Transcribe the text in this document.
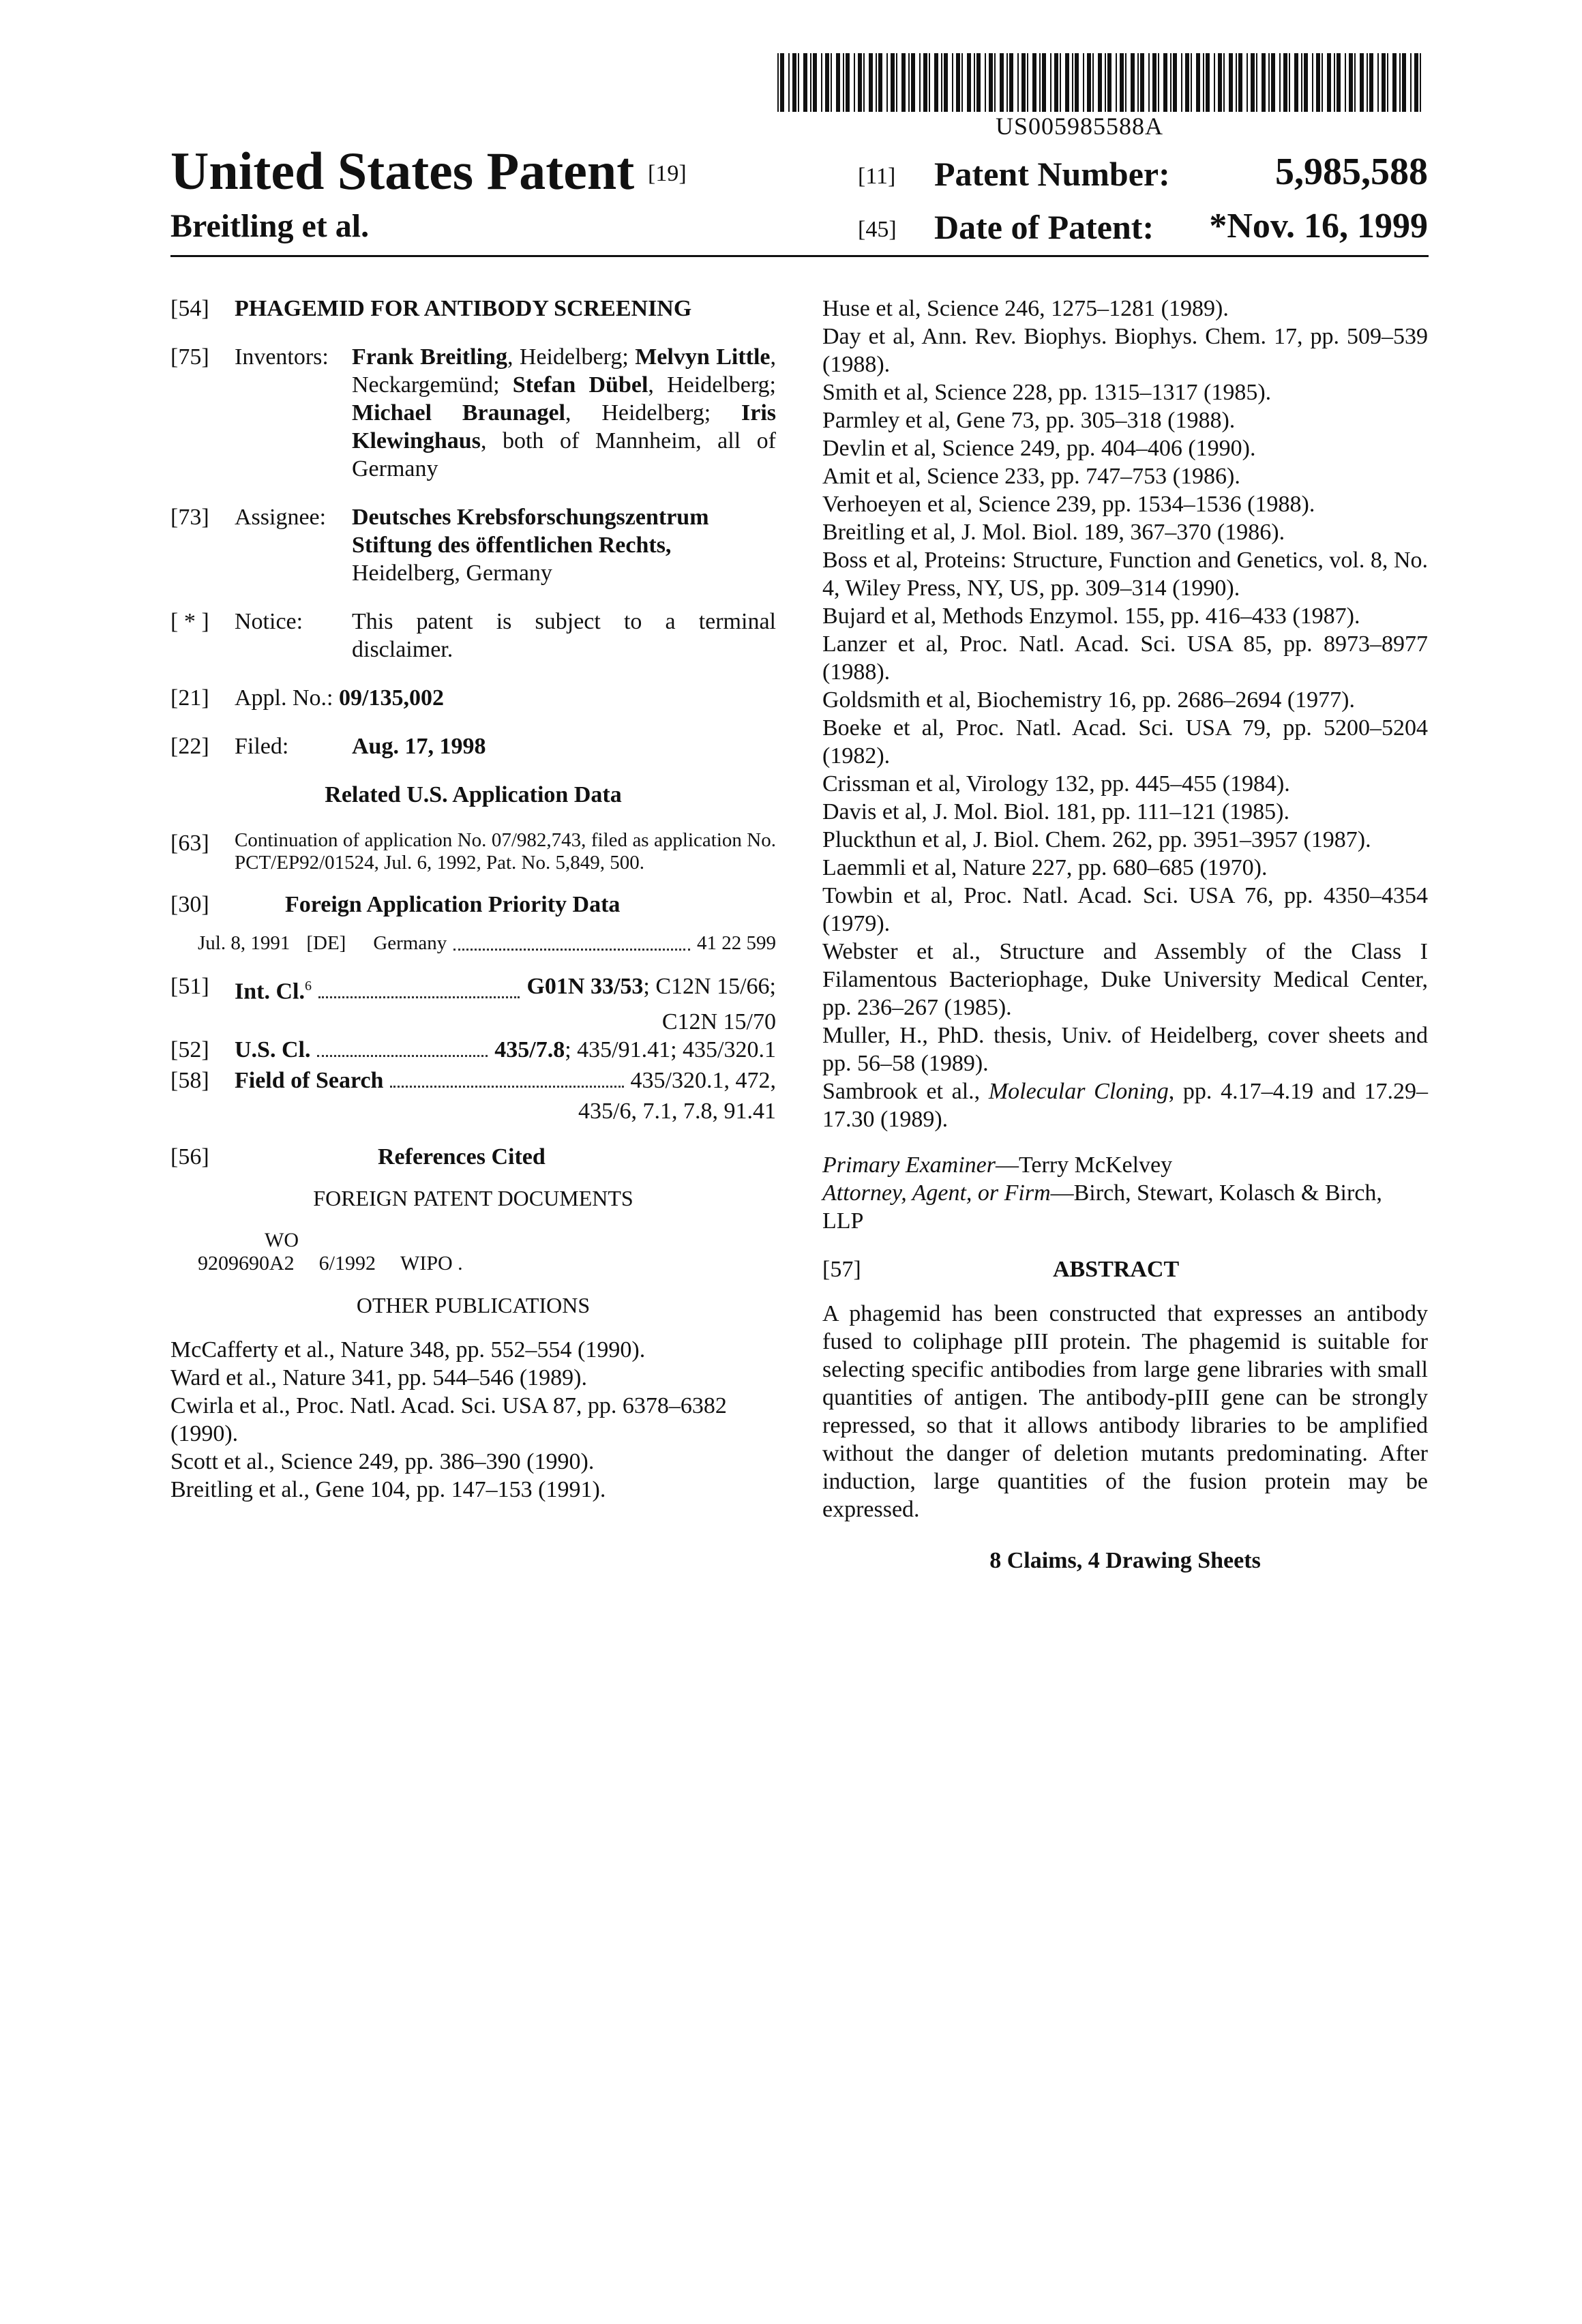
US005985588A
United States Patent [19]
Breitling et al.
[11] Patent Number:	5,985,588
[45] Date of Patent: *Nov. 16, 1999
[54]	PHAGEMID FOR ANTIBODY SCREENING
[75]	Inventors:	Frank Breitling, Heidelberg; Melvyn Little, Neckargemünd; Stefan Dübel, Heidelberg; Michael Braunagel, Heidelberg; Iris Klewinghaus, both of Mannheim, all of Germany
[73]	Assignee:	Deutsches Krebsforschungszentrum Stiftung des öffentlichen Rechts,
Heidelberg, Germany
[ * ]	Notice:	This patent is subject to a terminal disclaimer.
[21]	Appl. No.:
09/135,002
[22]	Filed:	Aug. 17, 1998
Related U.S. Application Data
[63]	Continuation of application No. 07/982,743, filed as application No. PCT/EP92/01524, Jul. 6, 1992, Pat. No. 5,849, 500.
[30]	Foreign Application Priority Data
Jul. 8, 1991 [DE] Germany	41 22 599
[51]	Int. Cl.$^6$	G01N 33/53; C12N 15/66;
C12N 15/70
[52]	U.S. Cl.	435/7.8; 435/91.41; 435/320.1
[58]	Field of Search	435/320.1, 472,
435/6, 7.1, 7.8, 91.41
[56]	References Cited
FOREIGN PATENT DOCUMENTS
WO
9209690A2 6/1992 WIPO .
OTHER PUBLICATIONS

McCafferty et al., Nature 348, pp. 552–554 (1990).

Ward et al., Nature 341, pp. 544–546 (1989).

Cwirla et al., Proc. Natl. Acad. Sci. USA 87, pp. 6378–6382 (1990).

Scott et al., Science 249, pp. 386–390 (1990).

Breitling et al., Gene 104, pp. 147–153 (1991).

Huse et al, Science 246, 1275–1281 (1989).

Day et al, Ann. Rev. Biophys. Biophys. Chem. 17, pp. 509–539 (1988).

Smith et al, Science 228, pp. 1315–1317 (1985).

Parmley et al, Gene 73, pp. 305–318 (1988).

Devlin et al, Science 249, pp. 404–406 (1990).

Amit et al, Science 233, pp. 747–753 (1986).

Verhoeyen et al, Science 239, pp. 1534–1536 (1988).

Breitling et al, J. Mol. Biol. 189, 367–370 (1986).

Boss et al, Proteins: Structure, Function and Genetics, vol. 8, No. 4, Wiley Press, NY, US, pp. 309–314 (1990).

Bujard et al, Methods Enzymol. 155, pp. 416–433 (1987).

Lanzer et al, Proc. Natl. Acad. Sci. USA 85, pp. 8973–8977 (1988).

Goldsmith et al, Biochemistry 16, pp. 2686–2694 (1977).

Boeke et al, Proc. Natl. Acad. Sci. USA 79, pp. 5200–5204 (1982).

Crissman et al, Virology 132, pp. 445–455 (1984).

Davis et al, J. Mol. Biol. 181, pp. 111–121 (1985).

Pluckthun et al, J. Biol. Chem. 262, pp. 3951–3957 (1987).

Laemmli et al, Nature 227, pp. 680–685 (1970).

Towbin et al, Proc. Natl. Acad. Sci. USA 76, pp. 4350–4354 (1979).

Webster et al., Structure and Assembly of the Class I Filamentous Bacteriophage, Duke University Medical Center, pp. 236–267 (1985).

Muller, H., PhD. thesis, Univ. of Heidelberg, cover sheets and pp. 56–58 (1989).

Sambrook et al., Molecular Cloning, pp. 4.17–4.19 and 17.29–17.30 (1989).

Primary Examiner—Terry McKelvey
Attorney, Agent, or Firm—Birch, Stewart, Kolasch & Birch, LLP
[57]	ABSTRACT

A phagemid has been constructed that expresses an antibody fused to coliphage pIII protein. The phagemid is suitable for selecting specific antibodies from large gene libraries with small quantities of antigen. The antibody-pIII gene can be strongly repressed, so that it allows antibody libraries to be amplified without the danger of deletion mutants predominating. After induction, large quantities of the fusion protein may be expressed.

8 Claims, 4 Drawing Sheets
